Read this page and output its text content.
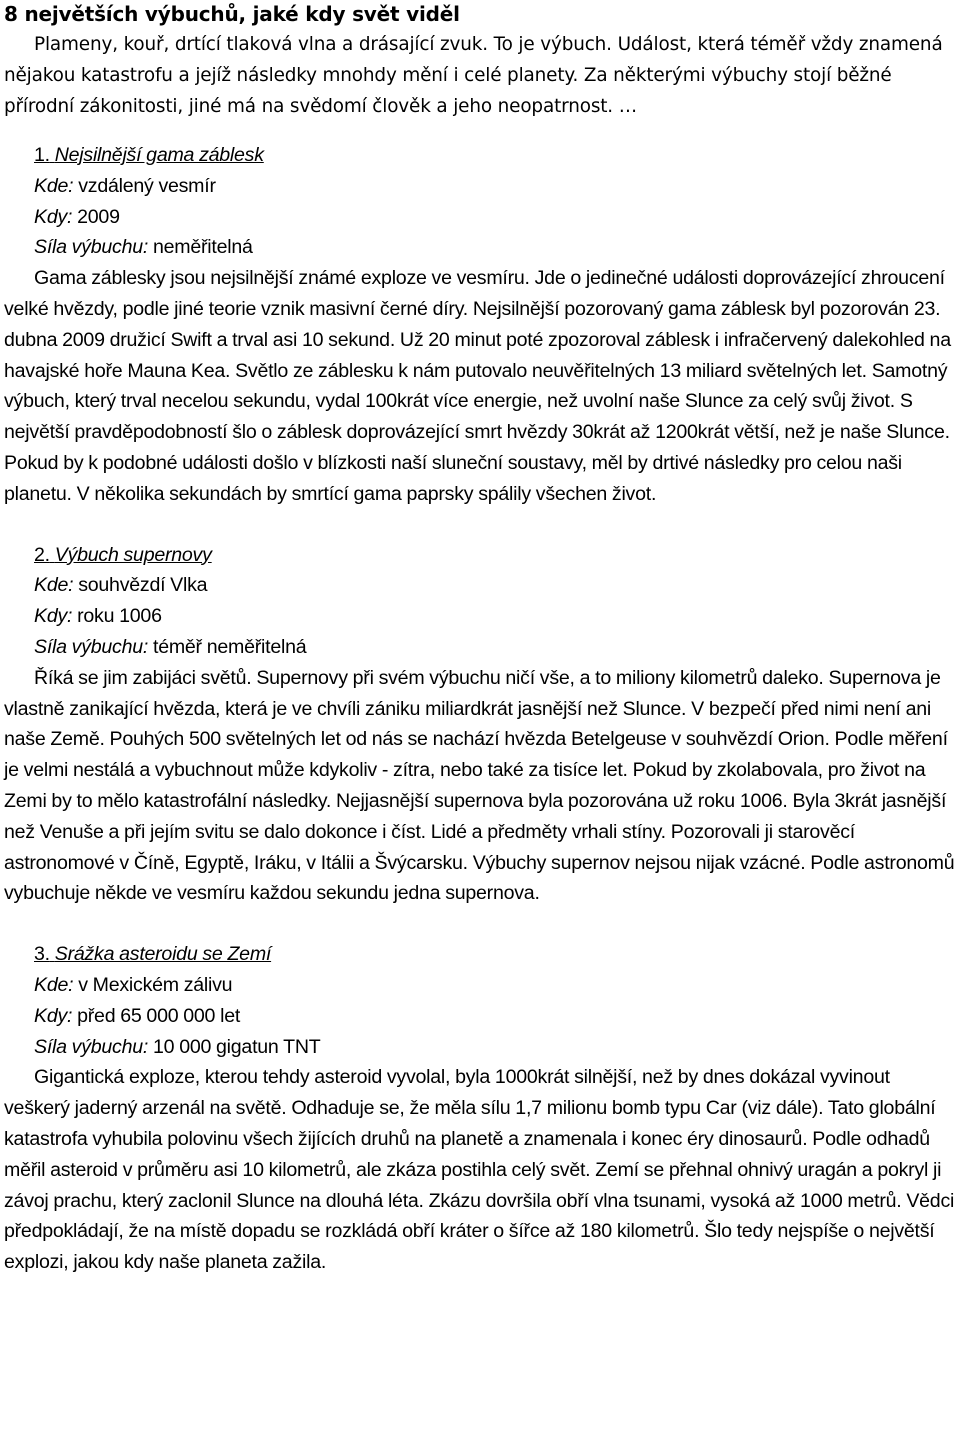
8 největších výbuchů, jaké kdy svět viděl

Plameny, kouř, drtící tlaková vlna a drásající zvuk. To je výbuch. Událost, která téměř vždy znamená nějakou katastrofu a jejíž následky mnohdy mění i celé planety. Za některými výbuchy stojí běžné přírodní zákonitosti, jiné má na svědomí člověk a jeho neopatrnost. …

1. Nejsilnější gama záblesk
Kde: vzdálený vesmír
Kdy: 2009
Síla výbuchu: neměřitelná

Gama záblesky jsou nejsilnější známé exploze ve vesmíru. Jde o jedinečné události doprovázející zhroucení velké hvězdy, podle jiné teorie vznik masivní černé díry. Nejsilnější pozorovaný gama záblesk byl pozorován 23. dubna 2009 družicí Swift a trval asi 10 sekund. Už 20 minut poté zpozoroval záblesk i infračervený dalekohled na havajské hoře Mauna Kea. Světlo ze záblesku k nám putovalo neuvěřitelných 13 miliard světelných let. Samotný výbuch, který trval necelou sekundu, vydal 100krát více energie, než uvolní naše Slunce za celý svůj život. S největší pravděpodobností šlo o záblesk doprovázející smrt hvězdy 30krát až 1200krát větší, než je naše Slunce. Pokud by k podobné události došlo v blízkosti naší sluneční soustavy, měl by drtivé následky pro celou naši planetu. V několika sekundách by smrtící gama paprsky spálily všechen život.

2. Výbuch supernovy
Kde: souhvězdí Vlka
Kdy: roku 1006
Síla výbuchu: téměř neměřitelná

Říká se jim zabijáci světů. Supernovy při svém výbuchu ničí vše, a to miliony kilometrů daleko. Supernova je vlastně zanikající hvězda, která je ve chvíli zániku miliardkrát jasnější než Slunce. V bezpečí před nimi není ani naše Země. Pouhých 500 světelných let od nás se nachází hvězda Betelgeuse v souhvězdí Orion. Podle měření je velmi nestálá a vybuchnout může kdykoliv - zítra, nebo také za tisíce let. Pokud by zkolabovala, pro život na Zemi by to mělo katastrofální následky. Nejjasnější supernova byla pozorována už roku 1006. Byla 3krát jasnější než Venuše a při jejím svitu se dalo dokonce i číst. Lidé a předměty vrhali stíny. Pozorovali ji starověcí astronomové v Číně, Egyptě, Iráku, v Itálii a Švýcarsku. Výbuchy supernov nejsou nijak vzácné. Podle astronomů vybuchuje někde ve vesmíru každou sekundu jedna supernova.

3. Srážka asteroidu se Zemí
Kde: v Mexickém zálivu
Kdy: před 65 000 000 let
Síla výbuchu: 10 000 gigatun TNT

Gigantická exploze, kterou tehdy asteroid vyvolal, byla 1000krát silnější, než by dnes dokázal vyvinout veškerý jaderný arzenál na světě. Odhaduje se, že měla sílu 1,7 milionu bomb typu Car (viz dále). Tato globální katastrofa vyhubila polovinu všech žijících druhů na planetě a znamenala i konec éry dinosaurů. Podle odhadů měřil asteroid v průměru asi 10 kilometrů, ale zkáza postihla celý svět. Zemí se přehnal ohnivý uragán a pokryl ji závoj prachu, který zaclonil Slunce na dlouhá léta. Zkázu dovršila obří vlna tsunami, vysoká až 1000 metrů. Vědci předpokládají, že na místě dopadu se rozkládá obří kráter o šířce až 180 kilometrů. Šlo tedy nejspíše o největší explozi, jakou kdy naše planeta zažila.
